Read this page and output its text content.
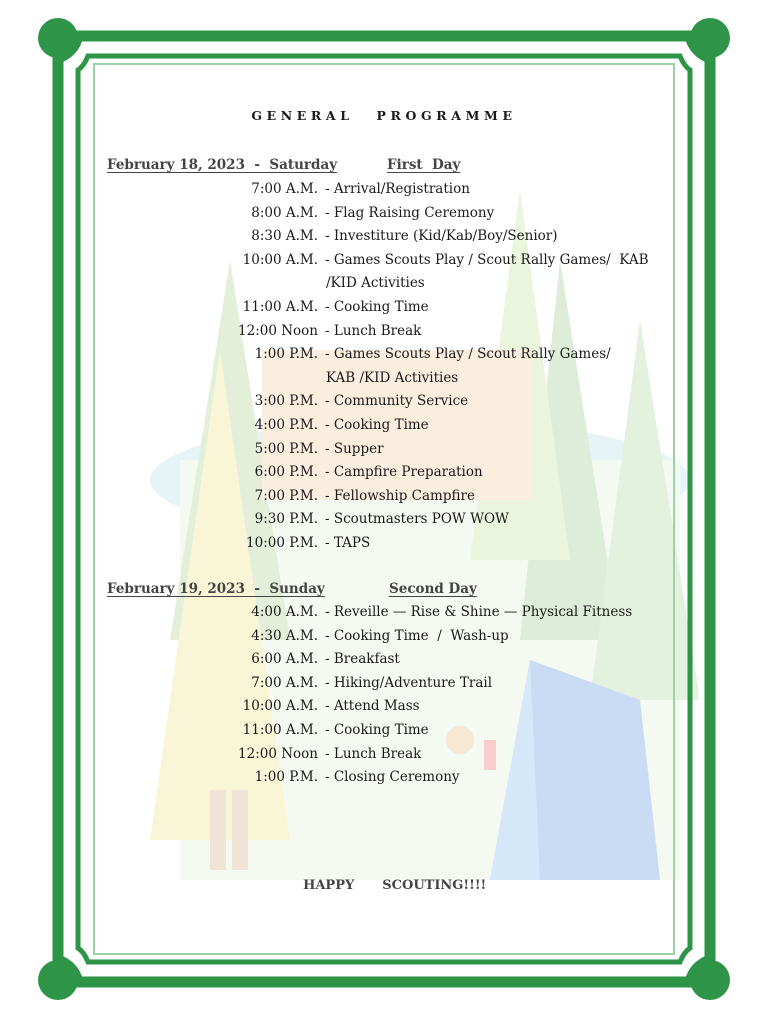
GENERAL PROGRAMME
February 18, 2023  -  Saturday	First  Day
7:00 A.M. - Arrival/Registration
8:00 A.M. - Flag Raising Ceremony
8:30 A.M. - Investiture (Kid/Kab/Boy/Senior)
10:00 A.M. - Games Scouts Play / Scout Rally Games/  KAB
/KID Activities
11:00 A.M. - Cooking Time
12:00 Noon - Lunch Break
1:00 P.M. - Games Scouts Play / Scout Rally Games/
KAB /KID Activities
3:00 P.M. - Community Service
4:00 P.M. - Cooking Time
5:00 P.M. - Supper
6:00 P.M. - Campfire Preparation
7:00 P.M. - Fellowship Campfire
9:30 P.M. - Scoutmasters POW WOW
10:00 P.M. - TAPS
February 19, 2023  -  Sunday	Second Day
4:00 A.M. - Reveille — Rise & Shine — Physical Fitness
4:30 A.M. - Cooking Time  /  Wash-up
6:00 A.M. - Breakfast
7:00 A.M. - Hiking/Adventure Trail
10:00 A.M. - Attend Mass
11:00 A.M. - Cooking Time
12:00 Noon - Lunch Break
1:00 P.M. - Closing Ceremony

HAPPY SCOUTING!!!!
